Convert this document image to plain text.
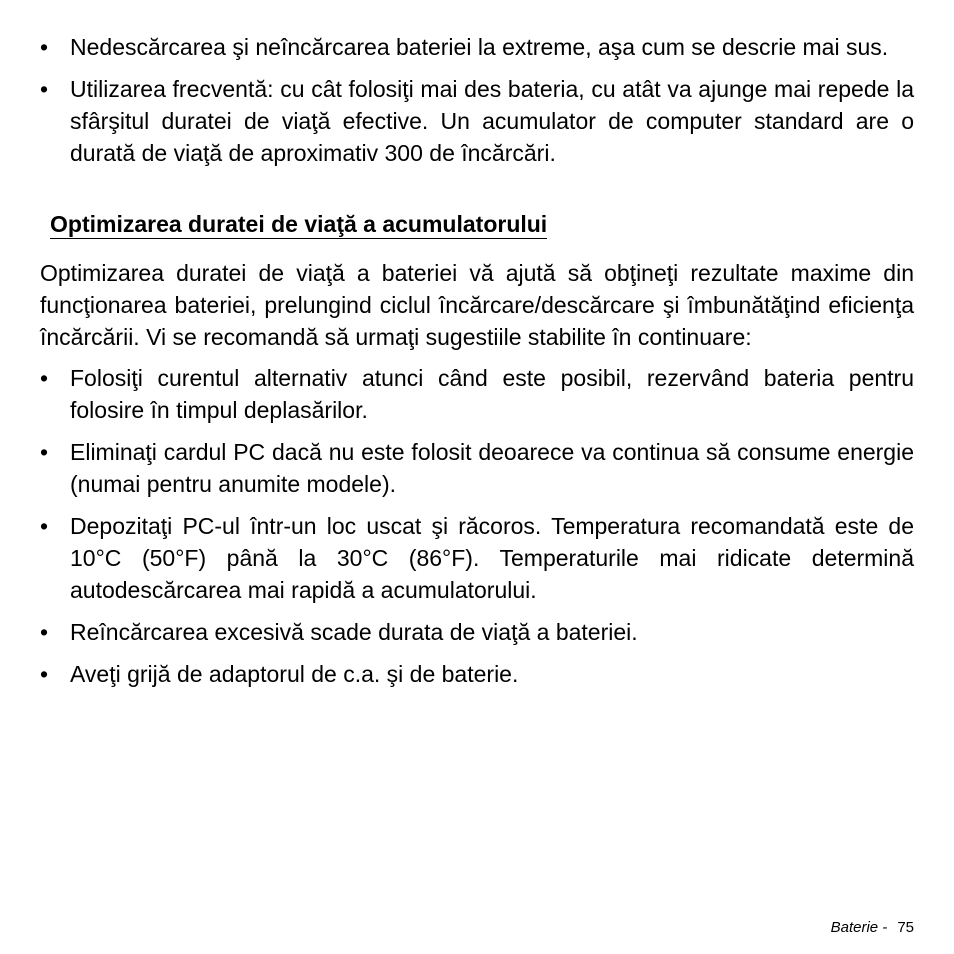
• Nedescărcarea şi neîncărcarea bateriei la extreme, aşa cum se descrie mai sus.
• Utilizarea frecventă: cu cât folosiţi mai des bateria, cu atât va ajunge mai repede la sfârşitul duratei de viaţă efective. Un acumulator de computer standard are o durată de viaţă de aproximativ 300 de încărcări.
Optimizarea duratei de viaţă a acumulatorului

Optimizarea duratei de viaţă a bateriei vă ajută să obţineţi rezultate maxime din funcţionarea bateriei, prelungind ciclul încărcare/descărcare şi îmbunătăţind eficienţa încărcării. Vi se recomandă să urmaţi sugestiile stabilite în continuare:

• Folosiţi curentul alternativ atunci când este posibil, rezervând bateria pentru folosire în timpul deplasărilor.
• Eliminaţi cardul PC dacă nu este folosit deoarece va continua să consume energie (numai pentru anumite modele).
• Depozitaţi PC-ul într-un loc uscat şi răcoros. Temperatura recomandată este de 10°C (50°F) până la 30°C (86°F). Temperaturile mai ridicate determină autodescărcarea mai rapidă a acumulatorului.
• Reîncărcarea excesivă scade durata de viaţă a bateriei.
• Aveţi grijă de adaptorul de c.a. şi de baterie.
Baterie - 75
